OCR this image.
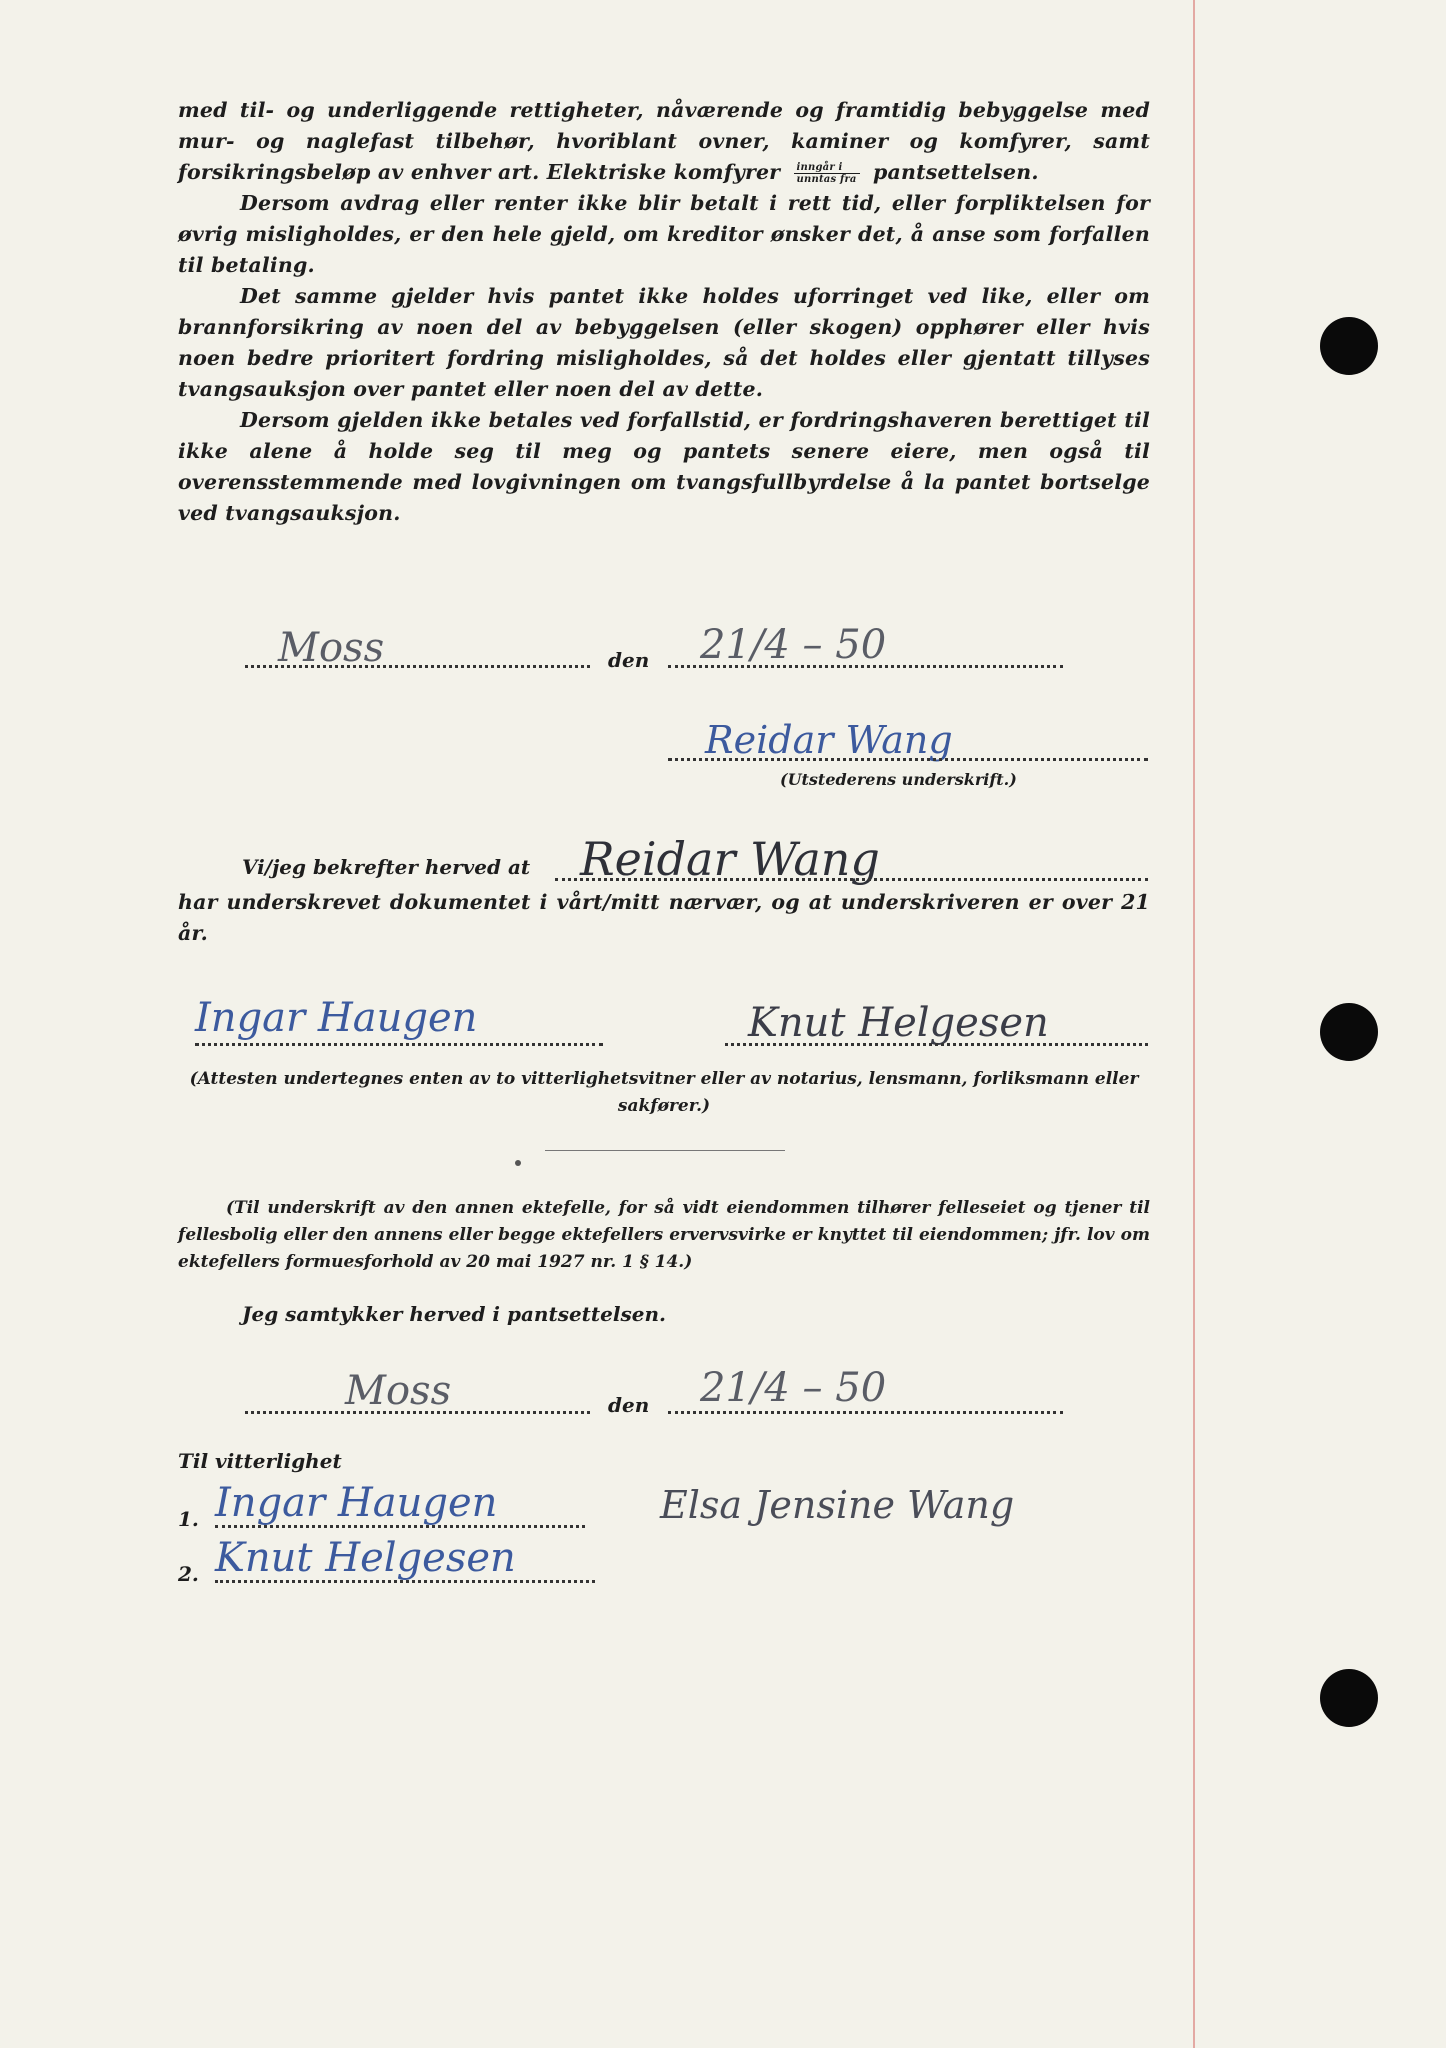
med til- og underliggende rettigheter, nåværende og framtidig bebyggelse med mur- og naglefast tilbehør, hvoriblant ovner, kaminer og komfyrer, samt forsikringsbeløp av enhver art. Elektriske komfyrer $\frac{\text{inngår i}}{\text{unntas fra}}$ pantsettelsen.

Dersom avdrag eller renter ikke blir betalt i rett tid, eller forpliktelsen for øvrig misligholdes, er den hele gjeld, om kreditor ønsker det, å anse som forfallen til betaling.

Det samme gjelder hvis pantet ikke holdes uforringet ved like, eller om brannforsikring av noen del av bebyggelsen (eller skogen) opphører eller hvis noen bedre prioritert fordring misligholdes, så det holdes eller gjentatt tillyses tvangsauksjon over pantet eller noen del av dette.

Dersom gjelden ikke betales ved forfallstid, er fordringshaveren berettiget til ikke alene å holde seg til meg og pantets senere eiere, men også til overensstemmende med lovgivningen om tvangsfullbyrdelse å la pantet bortselge ved tvangsauksjon.

Moss	den 21/4 – 50
Reidar Wang
(Utstederens underskrift.)
Vi/jeg bekrefter herved at Reidar Wang

har underskrevet dokumentet i vårt/mitt nærvær, og at underskriveren er over 21 år.

Ingar Haugen	Knut Helgesen
(Attesten undertegnes enten av to vitterlighetsvitner eller av notarius, lensmann, forliksmann eller sakfører.)
(Til underskrift av den annen ektefelle, for så vidt eiendommen tilhører felleseiet og tjener til fellesbolig eller den annens eller begge ektefellers ervervsvirke er knyttet til eiendommen; jfr. lov om ektefellers formuesforhold av 20 mai 1927 nr. 1 § 14.)
Jeg samtykker herved i pantsettelsen.
Moss	den 21/4 – 50
Til vitterlighet
1. Ingar Haugen	Elsa Jensine Wang
2. Knut Helgesen
